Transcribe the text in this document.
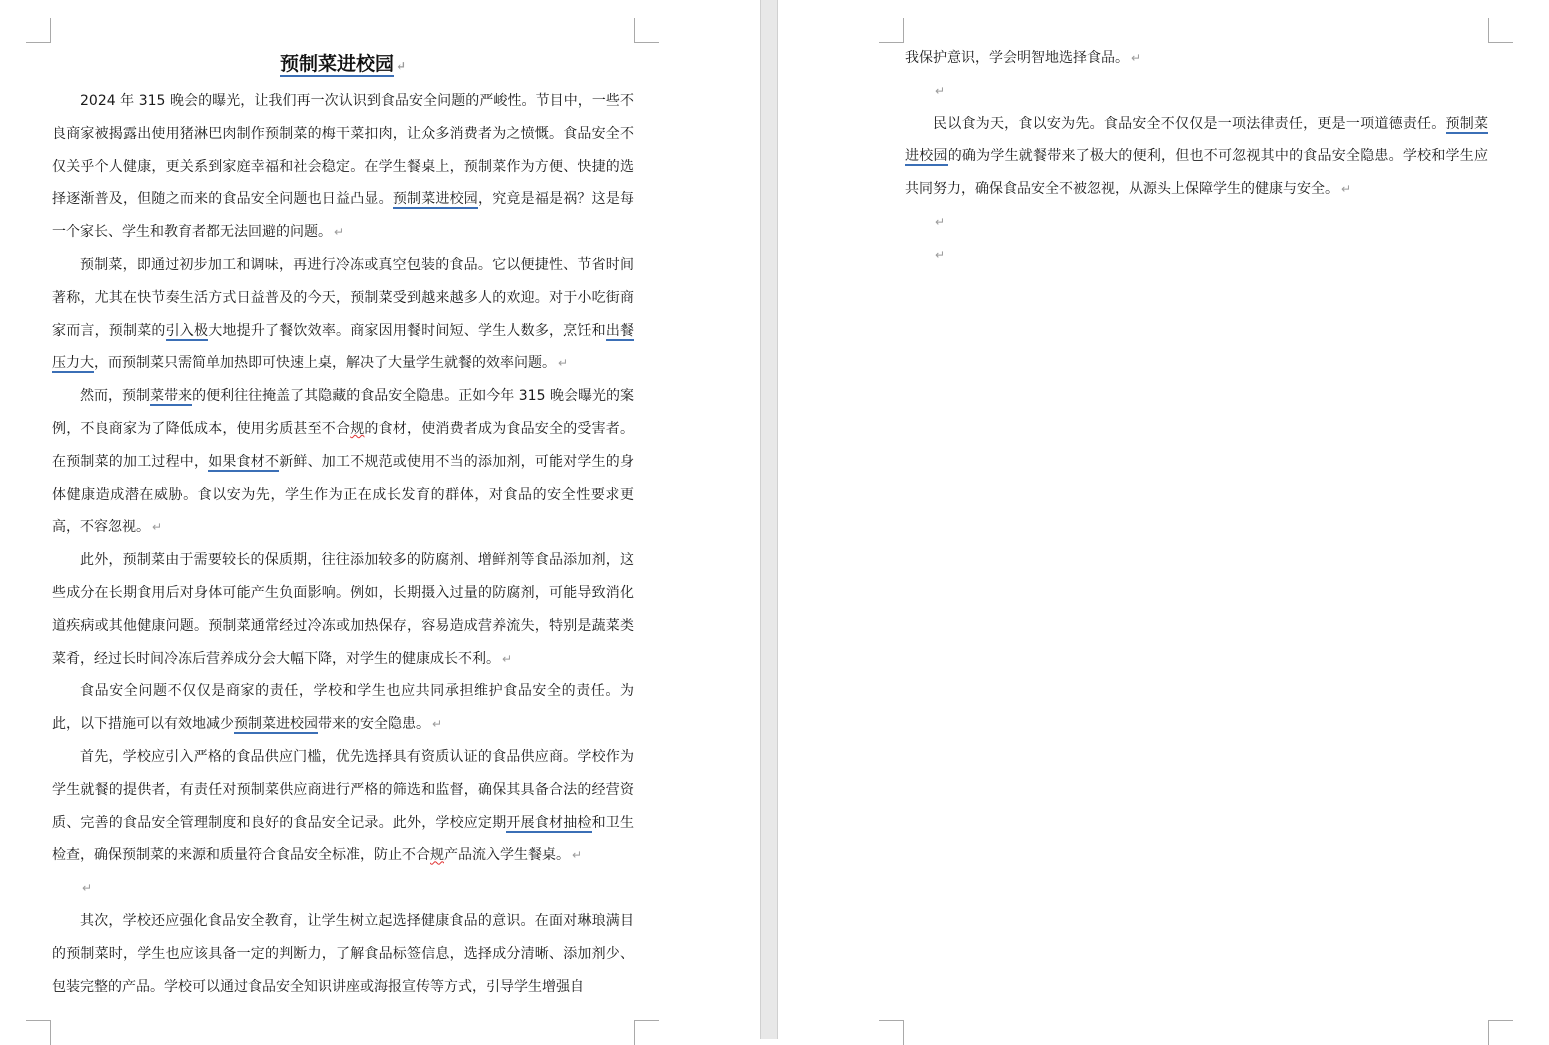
预制菜进校园 ↵

2024 年 315 晚会的曝光，让我们再一次认识到食品安全问题的严峻性。节目中，一些不良商家被揭露出使用猪淋巴肉制作预制菜的梅干菜扣肉，让众多消费者为之愤慨。食品安全不仅关乎个人健康，更关系到家庭幸福和社会稳定。在学生餐桌上，预制菜作为方便、快捷的选择逐渐普及，但随之而来的食品安全问题也日益凸显。预制菜进校园，究竟是福是祸？这是每一个家长、学生和教育者都无法回避的问题。 ↵

预制菜，即通过初步加工和调味，再进行冷冻或真空包装的食品。它以便捷性、节省时间著称，尤其在快节奏生活方式日益普及的今天，预制菜受到越来越多人的欢迎。对于小吃街商家而言，预制菜的引入极大地提升了餐饮效率。商家因用餐时间短、学生人数多，烹饪和出餐压力大，而预制菜只需简单加热即可快速上桌，解决了大量学生就餐的效率问题。 ↵

然而，预制菜带来的便利往往掩盖了其隐藏的食品安全隐患。正如今年 315 晚会曝光的案例，不良商家为了降低成本，使用劣质甚至不合规的食材，使消费者成为食品安全的受害者。在预制菜的加工过程中，如果食材不新鲜、加工不规范或使用不当的添加剂，可能对学生的身体健康造成潜在威胁。食以安为先，学生作为正在成长发育的群体，对食品的安全性要求更高，不容忽视。 ↵

此外，预制菜由于需要较长的保质期，往往添加较多的防腐剂、增鲜剂等食品添加剂，这些成分在长期食用后对身体可能产生负面影响。例如，长期摄入过量的防腐剂，可能导致消化道疾病或其他健康问题。预制菜通常经过冷冻或加热保存，容易造成营养流失，特别是蔬菜类菜肴，经过长时间冷冻后营养成分会大幅下降，对学生的健康成长不利。 ↵

食品安全问题不仅仅是商家的责任，学校和学生也应共同承担维护食品安全的责任。为此，以下措施可以有效地减少预制菜进校园带来的安全隐患。 ↵

首先，学校应引入严格的食品供应门槛，优先选择具有资质认证的食品供应商。学校作为学生就餐的提供者，有责任对预制菜供应商进行严格的筛选和监督，确保其具备合法的经营资质、完善的食品安全管理制度和良好的食品安全记录。此外，学校应定期开展食材抽检和卫生检查，确保预制菜的来源和质量符合食品安全标准，防止不合规产品流入学生餐桌。 ↵

↵

其次，学校还应强化食品安全教育，让学生树立起选择健康食品的意识。在面对琳琅满目的预制菜时，学生也应该具备一定的判断力，了解食品标签信息，选择成分清晰、添加剂少、包装完整的产品。学校可以通过食品安全知识讲座或海报宣传等方式，引导学生增强自

我保护意识，学会明智地选择食品。 ↵

↵

民以食为天，食以安为先。食品安全不仅仅是一项法律责任，更是一项道德责任。预制菜进校园的确为学生就餐带来了极大的便利，但也不可忽视其中的食品安全隐患。学校和学生应共同努力，确保食品安全不被忽视，从源头上保障学生的健康与安全。 ↵

↵

↵
